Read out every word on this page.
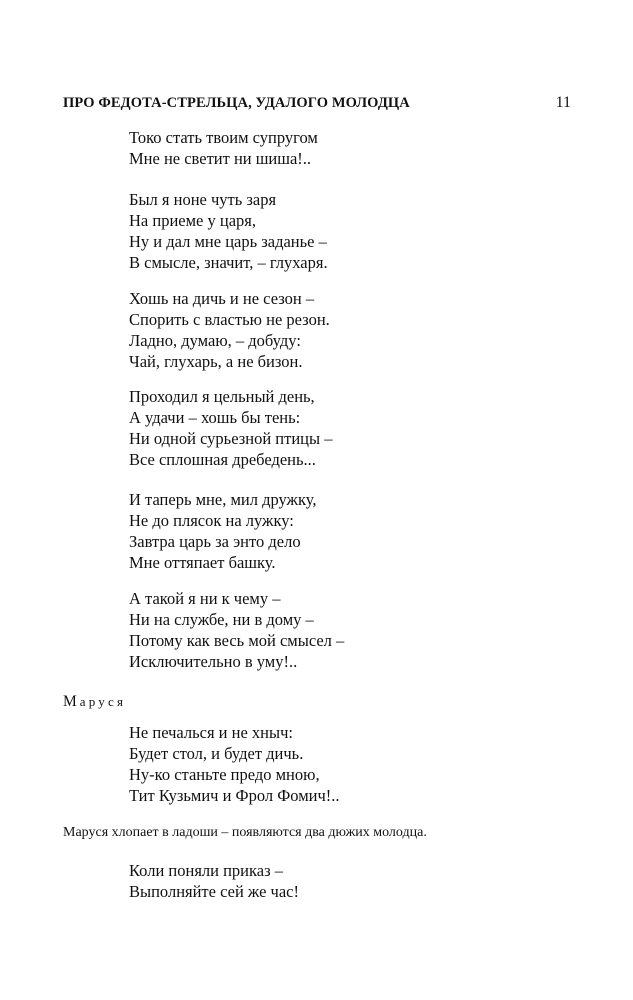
ПРО ФЕДОТА-СТРЕЛЬЦА, УДАЛОГО МОЛОДЦА	11
Токо стать твоим супругом
Мне не светит ни шиша!..
Был я ноне чуть заря
На приеме у царя,
Ну и дал мне царь заданье –
В смысле, значит, – глухаря.
Хошь на дичь и не сезон –
Спорить с властью не резон.
Ладно, думаю, – добуду:
Чай, глухарь, а не бизон.
Проходил я цельный день,
А удачи – хошь бы тень:
Ни одной сурьезной птицы –
Все сплошная дребедень...
И таперь мне, мил дружку,
Не до плясок на лужку:
Завтра царь за энто дело
Мне оттяпает башку.
А такой я ни к чему –
Ни на службе, ни в дому –
Потому как весь мой смысел –
Исключительно в уму!..
Маруся
Не печалься и не хныч:
Будет стол, и будет дичь.
Ну-ко станьте предо мною,
Тит Кузьмич и Фрол Фомич!..
Маруся хлопает в ладоши – появляются два дюжих молодца.
Коли поняли приказ –
Выполняйте сей же час!
